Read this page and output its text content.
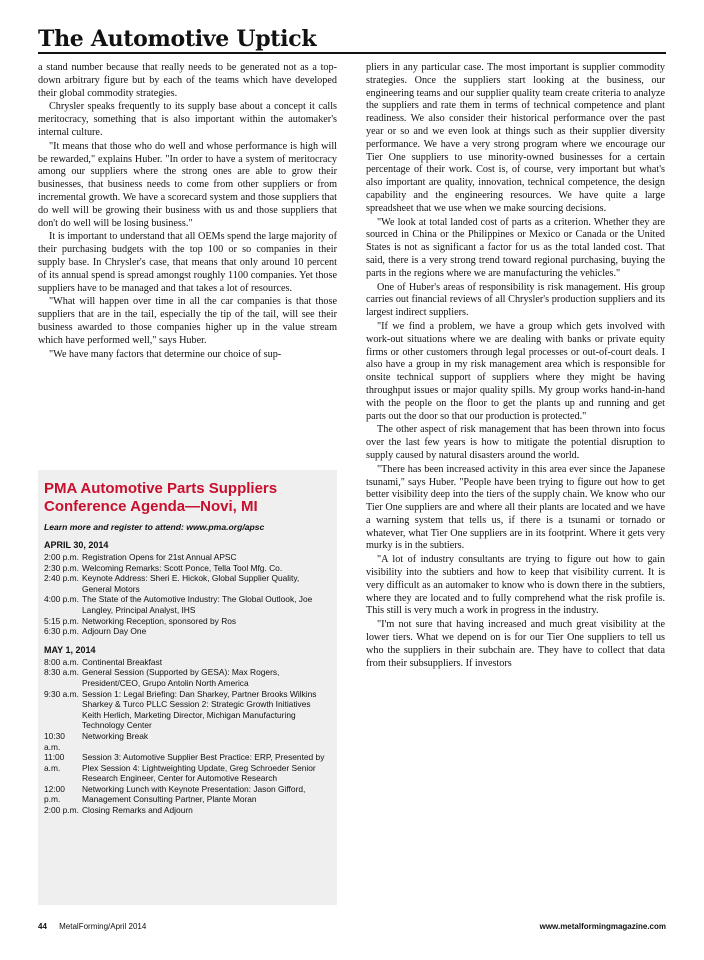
The Automotive Uptick

a stand number because that really needs to be generated not as a top-down arbitrary figure but by each of the teams which have developed their global commodity strategies.

Chrysler speaks frequently to its supply base about a concept it calls meritocracy, something that is also important within the automaker's internal culture.

"It means that those who do well and whose performance is high will be rewarded," explains Huber. "In order to have a system of meritocracy among our suppliers where the strong ones are able to grow their businesses, that business needs to come from other suppliers or from incremental growth. We have a scorecard system and those suppliers that do well will be growing their business with us and those suppliers that don't do well will be losing business."

It is important to understand that all OEMs spend the large majority of their purchasing budgets with the top 100 or so companies in their supply base. In Chrysler's case, that means that only around 10 percent of its annual spend is spread amongst roughly 1100 companies. Yet those suppliers have to be managed and that takes a lot of resources.

"What will happen over time in all the car companies is that those suppliers that are in the tail, especially the tip of the tail, will see their business awarded to those companies higher up in the value stream which have performed well," says Huber.

"We have many factors that determine our choice of sup-

PMA Automotive Parts Suppliers Conference Agenda—Novi, MI
Learn more and register to attend: www.pma.org/apsc
APRIL 30, 2014
2:00 p.m. Registration Opens for 21st Annual APSC
2:30 p.m. Welcoming Remarks: Scott Ponce, Tella Tool Mfg. Co.
2:40 p.m. Keynote Address: Sheri E. Hickok, Global Supplier Quality, General Motors
4:00 p.m. The State of the Automotive Industry: The Global Outlook, Joe Langley, Principal Analyst, IHS
5:15 p.m. Networking Reception, sponsored by Ros
6:30 p.m. Adjourn Day One
MAY 1, 2014
8:00 a.m. Continental Breakfast
8:30 a.m. General Session (Supported by GESA): Max Rogers, President/CEO, Grupo Antolin North America
9:30 a.m. Session 1: Legal Briefing: Dan Sharkey, Partner Brooks Wilkins Sharkey & Turco PLLC Session 2: Strategic Growth Initiatives Keith Herlich, Marketing Director, Michigan Manufacturing Technology Center
10:30 a.m.
Networking Break
11:00 a.m.
Session 3: Automotive Supplier Best Practice: ERP, Presented by Plex Session 4: Lightweighting Update, Greg Schroeder Senior Research Engineer, Center for Automotive Research
12:00 p.m.
Networking Lunch with Keynote Presentation: Jason Gifford, Management Consulting Partner, Plante Moran
2:00 p.m. Closing Remarks and Adjourn

pliers in any particular case. The most important is supplier commodity strategies. Once the suppliers start looking at the business, our engineering teams and our supplier quality team create criteria to analyze the suppliers and rate them in terms of technical competence and plant readiness. We also consider their historical performance over the past year or so and we even look at things such as their supplier diversity performance. We have a very strong program where we encourage our Tier One suppliers to use minority-owned businesses for a certain percentage of their work. Cost is, of course, very important but what's also important are quality, innovation, technical competence, the design capability and the engineering resources. We have quite a large spreadsheet that we use when we make sourcing decisions.

"We look at total landed cost of parts as a criterion. Whether they are sourced in China or the Philippines or Mexico or Canada or the United States is not as significant a factor for us as the total landed cost. That said, there is a very strong trend toward regional purchasing, buying the parts in the regions where we are manufacturing the vehicles."

One of Huber's areas of responsibility is risk management. His group carries out financial reviews of all Chrysler's production suppliers and its largest indirect suppliers.

"If we find a problem, we have a group which gets involved with work-out situations where we are dealing with banks or private equity firms or other customers through legal processes or out-of-court deals. I also have a group in my risk management area which is responsible for onsite technical support of suppliers where they might be having throughput issues or major quality spills. My group works hand-in-hand with the people on the floor to get the plants up and running and get parts out the door so that our production is protected."

The other aspect of risk management that has been thrown into focus over the last few years is how to mitigate the potential disruption to supply caused by natural disasters around the world.

"There has been increased activity in this area ever since the Japanese tsunami," says Huber. "People have been trying to figure out how to get better visibility deep into the tiers of the supply chain. We know who our Tier One suppliers are and where all their plants are located and we have a warning system that tells us, if there is a tsunami or tornado or whatever, what Tier One suppliers are in its footprint. Where it gets very murky is in the subtiers.

"A lot of industry consultants are trying to figure out how to gain visibility into the subtiers and how to keep that visibility current. It is very difficult as an automaker to know who is down there in the subtiers, where they are located and to fully comprehend what the risk profile is. This still is very much a work in progress in the industry.

"I'm not sure that having increased and much great visibility at the lower tiers. What we depend on is for our Tier One suppliers to tell us who the suppliers in their subchain are. They have to collect that data from their subsuppliers. If investors

44 MetalForming/April 2014	www.metalformingmagazine.com
